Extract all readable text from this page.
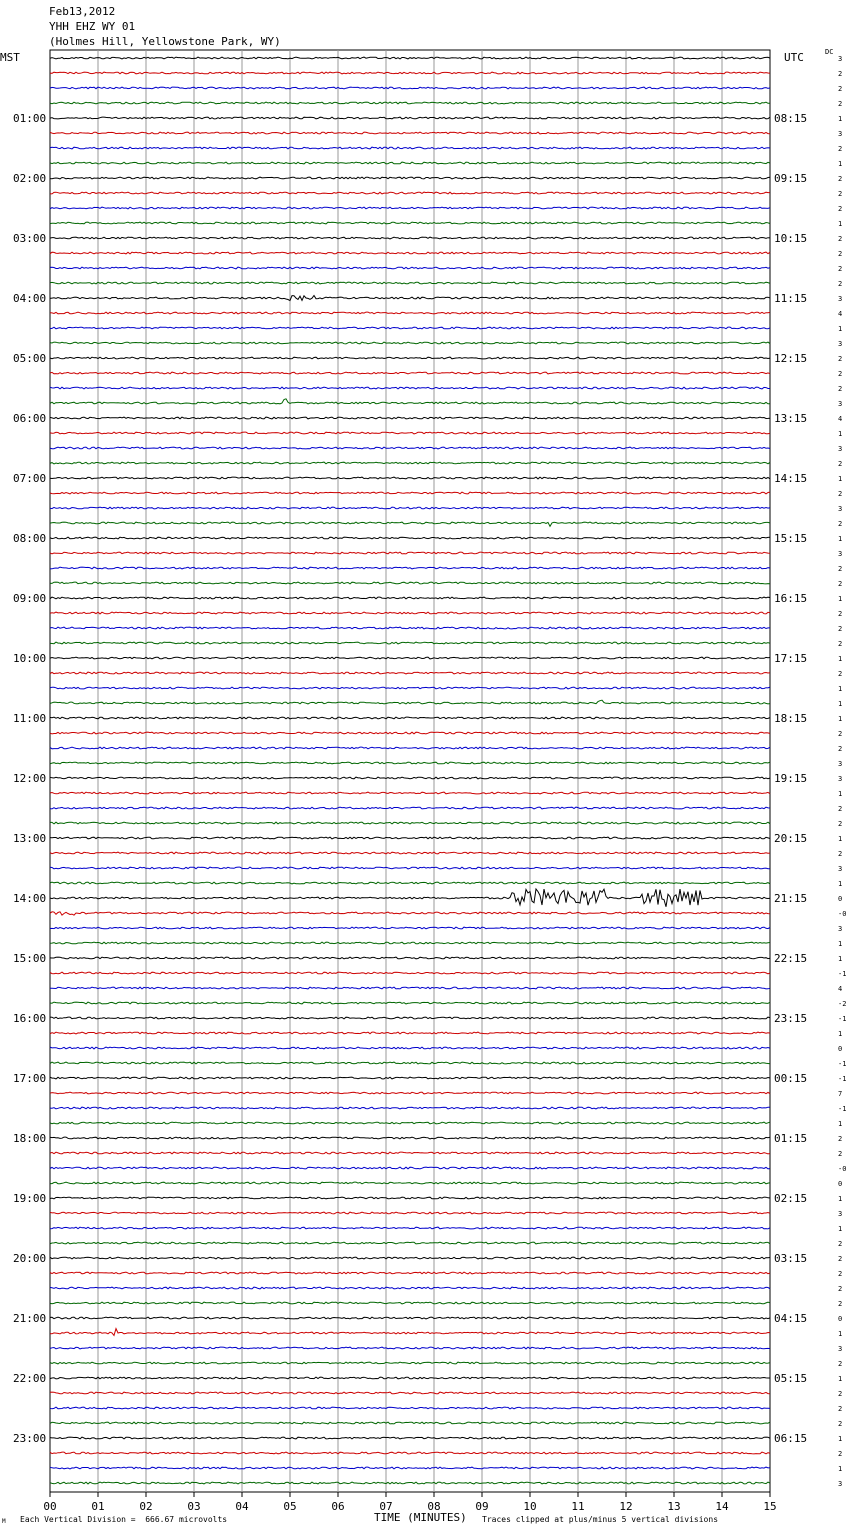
Feb13,2012
YHH EHZ WY 01
(Holmes Hill, Yellowstone Park, WY)
MST	UTC	DC
3
2
2
2
1
3
2
1
2
2
2
1
2
2
2
2
3
4
1
3
2
2
2
3
4
1
3
2
1
2
3
2
1
3
2
2
1
2
2
2
1
2
1
1
1
2
2
3
3
1
2
2
1
2
3
1
0
-0
3
1
1
-1
4
-2
-1
1
0
-1
-1
7
-1
1
2
2
-0
0
1
3
1
2
2
2
2
2
0
1
3
2
1
2
2
2
1
2
1
3
01:00
02:00
03:00
04:00
05:00
06:00
07:00
08:00
09:00
10:00
11:00
12:00
13:00
14:00
15:00
16:00
17:00
18:00
19:00
20:00
21:00
22:00
23:00
08:15
09:15
10:15
11:15
12:15
13:15
14:15
15:15
16:15
17:15
18:15
19:15
20:15
21:15
22:15
23:15
00:15
01:15
02:15
03:15
04:15
05:15
06:15
00	01	02	03	04	05	06	07	08	09	10	11	12	13	14	15
TIME (MINUTES)
M Each Vertical Division =  666.67 microvolts	Traces clipped at plus/minus 5 vertical divisions
